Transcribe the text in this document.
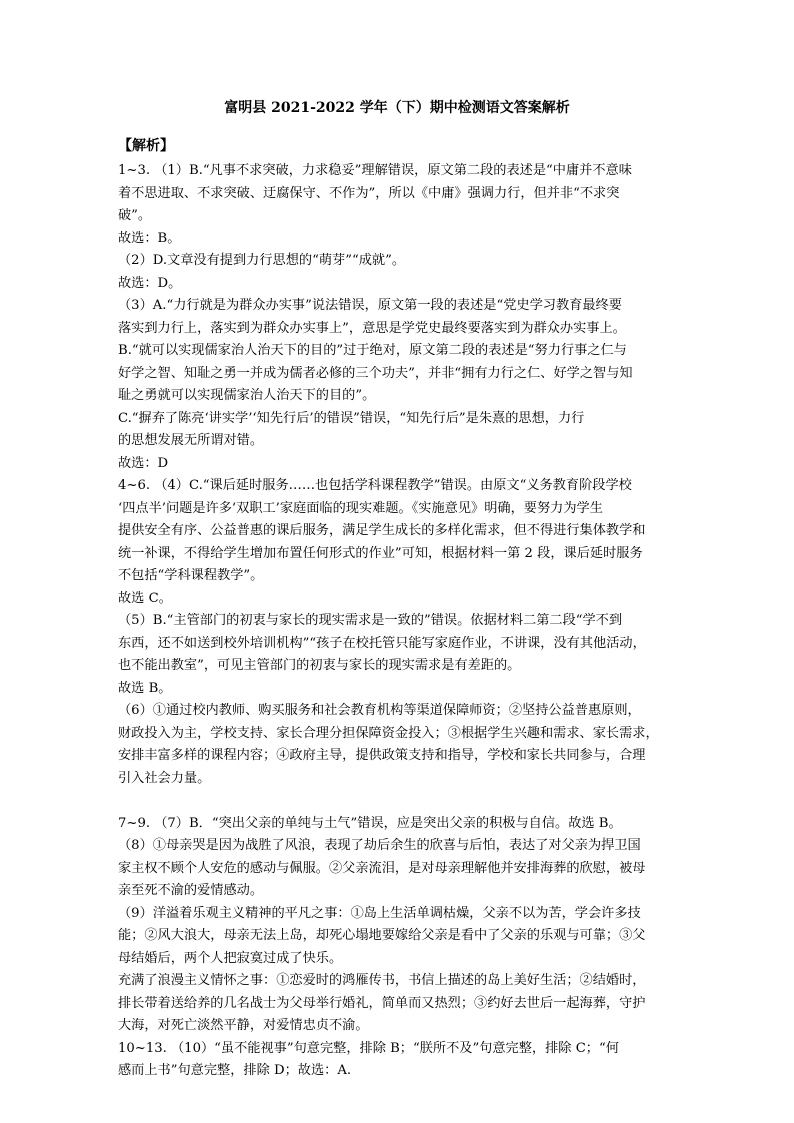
富明县 2021-2022 学年（下）期中检测语文答案解析
【解析】
1~3. （1）B.“凡事不求突破，力求稳妥”理解错误，原文第二段的表述是“中庸并不意味
着不思进取、不求突破、迂腐保守、不作为”，所以《中庸》强调力行，但并非“不求突
破”。
故选：B。
（2）D.文章没有提到力行思想的“萌芽”“成就”。
故选：D。
（3）A.“力行就是为群众办实事”说法错误，原文第一段的表述是“党史学习教育最终要
落实到力行上，落实到为群众办实事上”，意思是学党史最终要落实到为群众办实事上。
B.“就可以实现儒家治人治天下的目的”过于绝对，原文第二段的表述是“努力行事之仁与
好学之智、知耻之勇一并成为儒者必修的三个功夫”，并非“拥有力行之仁、好学之智与知
耻之勇就可以实现儒家治人治天下的目的”。
C.“摒弃了陈亮‘讲实学’‘知先行后’的错误”错误，“知先行后”是朱熹的思想，力行
的思想发展无所谓对错。
故选：D
4~6. （4）C.“课后延时服务……也包括学科课程教学”错误。由原文“义务教育阶段学校
‘四点半’问题是许多‘双职工’家庭面临的现实难题。《实施意见》明确，要努力为学生
提供安全有序、公益普惠的课后服务，满足学生成长的多样化需求，但不得进行集体教学和
统一补课，不得给学生增加布置任何形式的作业”可知，根据材料一第 2 段，课后延时服务
不包括“学科课程教学”。
故选 C。
（5）B.“主管部门的初衷与家长的现实需求是一致的”错误。依据材料二第二段“学不到
东西，还不如送到校外培训机构”“孩子在校托管只能写家庭作业，不讲课，没有其他活动，
也不能出教室”，可见主管部门的初衷与家长的现实需求是有差距的。
故选 B。
（6）①通过校内教师、购买服务和社会教育机构等渠道保障师资；②坚持公益普惠原则，
财政投入为主，学校支持、家长合理分担保障资金投入；③根据学生兴趣和需求、家长需求，
安排丰富多样的课程内容；④政府主导，提供政策支持和指导，学校和家长共同参与，合理
引入社会力量。
7~9. （7）B．“突出父亲的单纯与土气”错误，应是突出父亲的积极与自信。故选 B。
（8）①母亲哭是因为战胜了风浪，表现了劫后余生的欣喜与后怕，表达了对父亲为捍卫国
家主权不顾个人安危的感动与佩服。②父亲流泪，是对母亲理解他并安排海葬的欣慰，被母
亲至死不渝的爱情感动。
（9）洋溢着乐观主义精神的平凡之事：①岛上生活单调枯燥，父亲不以为苦，学会许多技
能；②风大浪大，母亲无法上岛，却死心塌地要嫁给父亲是看中了父亲的乐观与可靠；③父
母结婚后，两个人把寂寞过成了快乐。
充满了浪漫主义情怀之事：①恋爱时的鸿雁传书，书信上描述的岛上美好生活；②结婚时，
排长带着送给养的几名战士为父母举行婚礼，简单而又热烈；③约好去世后一起海葬，守护
大海，对死亡淡然平静，对爱情忠贞不渝。
10~13. （10）“虽不能视事”句意完整，排除 B；“朕所不及”句意完整，排除 C；“何
感而上书”句意完整，排除 D；故选：A.
